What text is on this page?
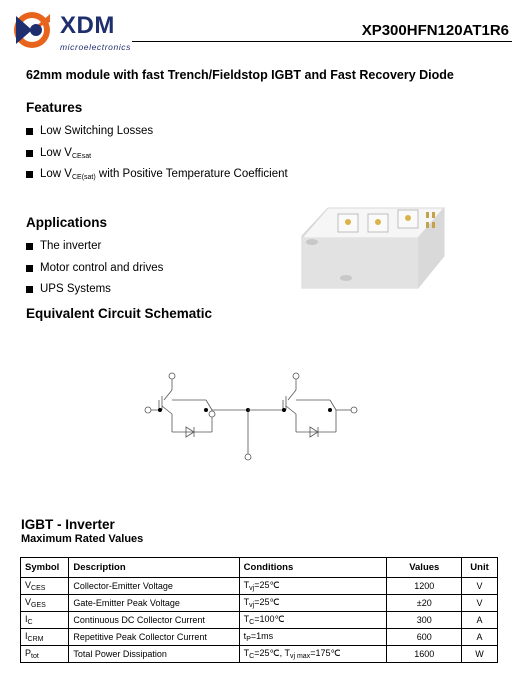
XDM
microelectronics
XP300HFN120AT1R6
62mm module with fast Trench/Fieldstop IGBT and Fast Recovery Diode
Features
Low Switching Losses
Low $V_{CEsat}$
Low $V_{CE(sat)}$ with Positive Temperature Coefficient
Applications
The inverter
Motor control and drives
UPS Systems
Equivalent Circuit Schematic
IGBT - Inverter
Maximum Rated Values
Symbol	Description	Conditions	Values	Unit
$V_{CES}$	Collector-Emitter Voltage	$T_{vj}=25℃$	1200	V
$V_{GES}$	Gate-Emitter Peak Voltage	$T_{vj}=25℃$	±20	V
$I_C$	Continuous DC Collector Current	$T_C=100℃$	300	A
$I_{CRM}$	Repetitive Peak Collector Current	$t_P=1ms$	600	A
$P_{tot}$	Total Power Dissipation	$T_C=25℃$, $T_{vj max}=175℃$	1600	W
